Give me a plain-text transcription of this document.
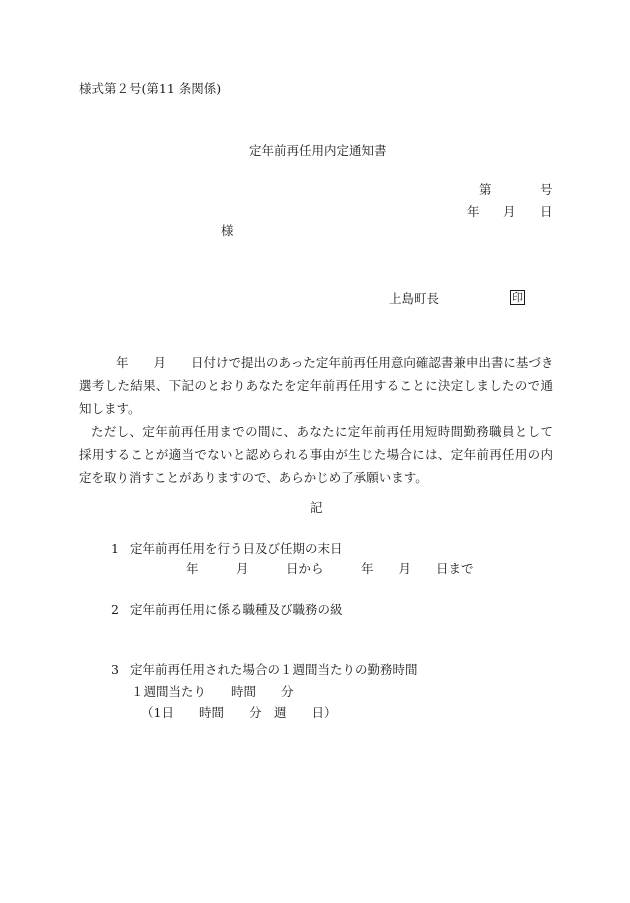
様式第２号(第11 条関係)
定年前再任用内定通知書
第	号
年 月 日
様
上島町長	印

年　　月　　日付けで提出のあった定年前再任用意向確認書兼申出書に基づき

選考した結果、下記のとおりあなたを定年前再任用することに決定しましたので通知します。

ただし、定年前再任用までの間に、あなたに定年前再任用短時間勤務職員として採用することが適当でないと認められる事由が生じた場合には、定年前再任用の内定を取り消すことがありますので、あらかじめ了承願います。

記
1 定年前再任用を行う日及び任期の末日
年　　　月　　　日から　　　年　　月　　日まで
2 定年前再任用に係る職種及び職務の級
3 定年前再任用された場合の１週間当たりの勤務時間
１週間当たり　　時間　　分
（1日　　時間　　分　週　　日）
